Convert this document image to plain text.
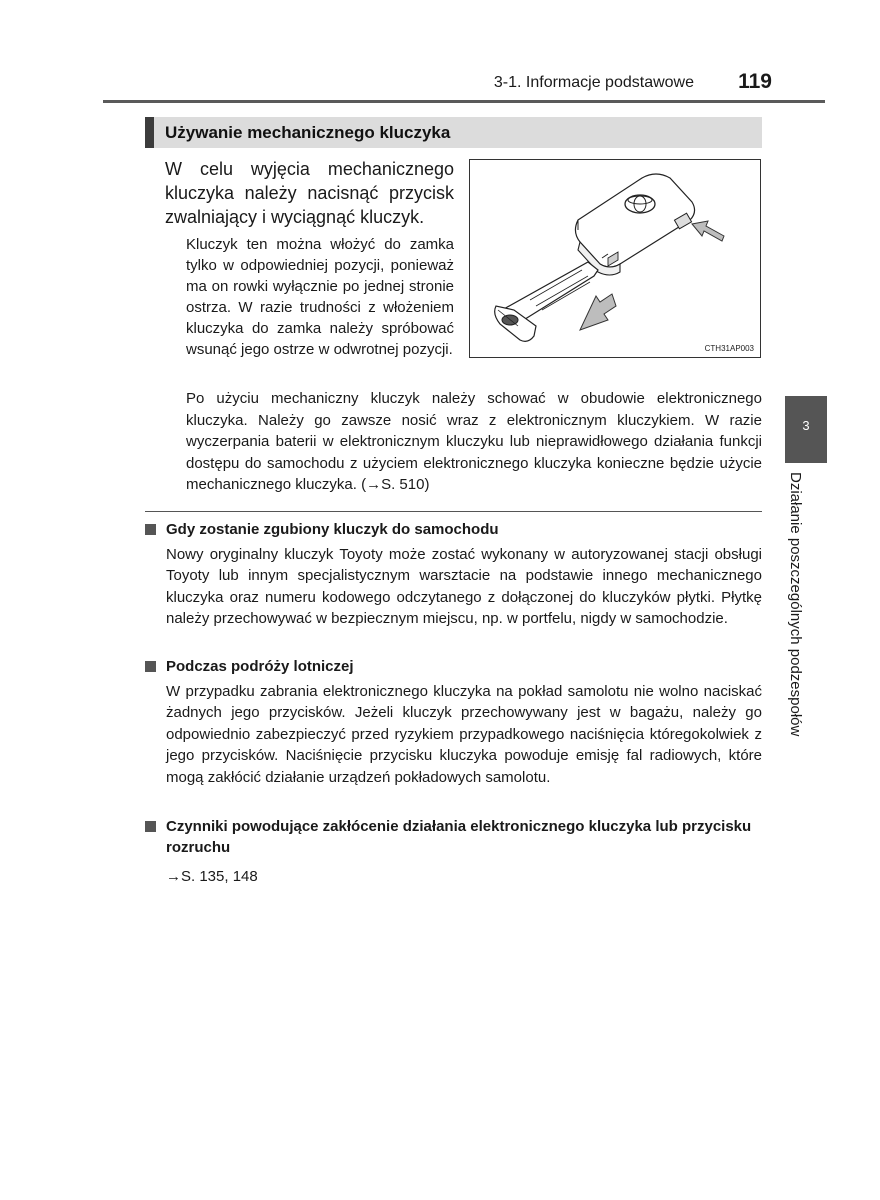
3-1. Informacje podstawowe 119
Używanie mechanicznego kluczyka
W celu wyjęcia mechanicznego kluczyka należy nacisnąć przycisk zwalniający i wyciągnąć kluczyk.
Kluczyk ten można włożyć do zamka tylko w odpowiedniej pozycji, ponieważ ma on rowki wyłącznie po jednej stronie ostrza. W razie trudności z włożeniem kluczyka do zamka należy spróbować wsunąć jego ostrze w odwrotnej pozycji.	CTH31AP003
Po użyciu mechaniczny kluczyk należy schować w obudowie elektronicznego kluczyka. Należy go zawsze nosić wraz z elektronicznym kluczykiem. W razie wyczerpania baterii w elektronicznym kluczyku lub nieprawidłowego działania funkcji dostępu do samochodu z użyciem elektronicznego kluczyka konieczne będzie użycie mechanicznego kluczyka. (→S. 510)
Gdy zostanie zgubiony kluczyk do samochodu
Nowy oryginalny kluczyk Toyoty może zostać wykonany w autoryzowanej stacji obsługi Toyoty lub innym specjalistycznym warsztacie na podstawie innego mechanicznego kluczyka oraz numeru kodowego odczytanego z dołączonej do kluczyków płytki. Płytkę należy przechowywać w bezpiecznym miejscu, np. w portfelu, nigdy w samochodzie.
Podczas podróży lotniczej
W przypadku zabrania elektronicznego kluczyka na pokład samolotu nie wolno naciskać żadnych jego przycisków. Jeżeli kluczyk przechowywany jest w bagażu, należy go odpowiednio zabezpieczyć przed ryzykiem przypadkowego naciśnięcia któregokolwiek z jego przycisków. Naciśnięcie przycisku kluczyka powoduje emisję fal radiowych, które mogą zakłócić działanie urządzeń pokładowych samolotu.
Czynniki powodujące zakłócenie działania elektronicznego kluczyka lub przycisku rozruchu
→S. 135, 148
3
Działanie poszczególnych podzespołów
